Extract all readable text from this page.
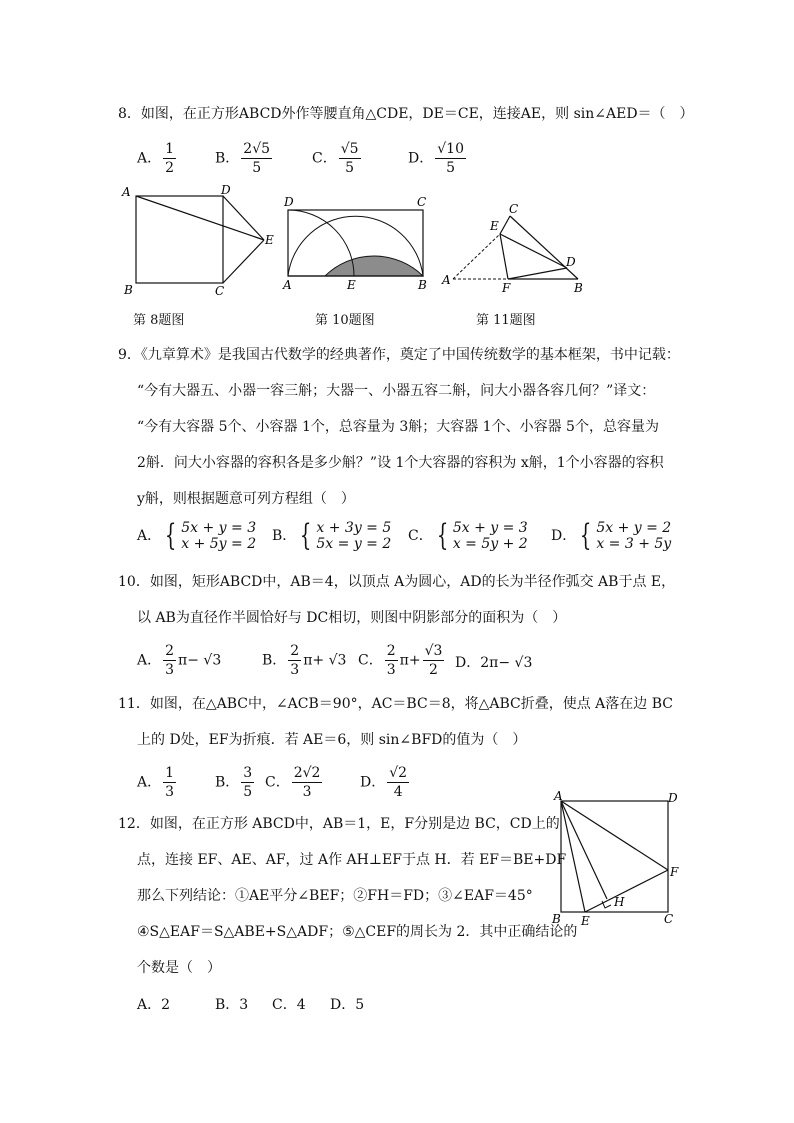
8．如图，在正方形ABCD外作等腰直角△CDE，DE＝CE，连接AE，则 sin∠AED＝（　）
A． $\frac{1}{2}$	B． $\frac{2√5}{5}$	C． $\frac{√5}{5}$	D． $\frac{√10}{5}$
A	D
E
B	C
第 8题图
D	C
A	E	B
第 10题图
C
E
D
A
F	B
第 11题图
9．《九章算术》是我国古代数学的经典著作，奠定了中国传统数学的基本框架，书中记载：
“今有大器五、小器一容三斛；大器一、小器五容二斛，问大小器各容几何？”译文：
“今有大容器 5个、小容器 1个，总容量为 3斛；大容器 1个、小容器 5个，总容量为
2斛．问大小容器的容积各是多少斛？”设 1个大容器的容积为 x斛，1个小容器的容积
y斛，则根据题意可列方程组（　）
A． { 5x + y = 3
x + 5y = 2 B． { x + 3y = 5
5x = y = 2 C． { 5x + y = 3
x = 5y + 2 D． { 5x + y = 2
x = 3 + 5y
10．如图，矩形ABCD中，AB＝4，以顶点 A为圆心，AD的长为半径作弧交 AB于点 E，
以 AB为直径作半圆恰好与 DC相切，则图中阴影部分的面积为（　）
A． $\frac{2}{3} \pi- √3$	B． $\frac{2}{3} \pi+ √3$ C． $\frac{2}{3} \pi+ \frac{√3}{2}$ D．2π− √3
11．如图，在△ABC中，∠ACB＝90°，AC＝BC＝8，将△ABC折叠，使点 A落在边 BC
上的 D处，EF为折痕．若 AE＝6，则 sin∠BFD的值为（　）
A． $\frac{1}{3}$	B． $\frac{3}{5}$ C． $\frac{2√2}{3}$	D． $\frac{√2}{4}$
12．如图，在正方形 ABCD中，AB＝1，E，F分别是边 BC，CD上的
点，连接 EF、AE、AF，过 A作 AH⊥EF于点 H．若 EF＝BE+DF
那么下列结论：①AE平分∠BEF；②FH＝FD；③∠EAF＝45°
④S△EAF＝S△ABE+S△ADF；⑤△CEF的周长为 2．其中正确结论的
个数是（　）
A．2	B．3 C．4 D．5
A	D
F
H
B E	C
